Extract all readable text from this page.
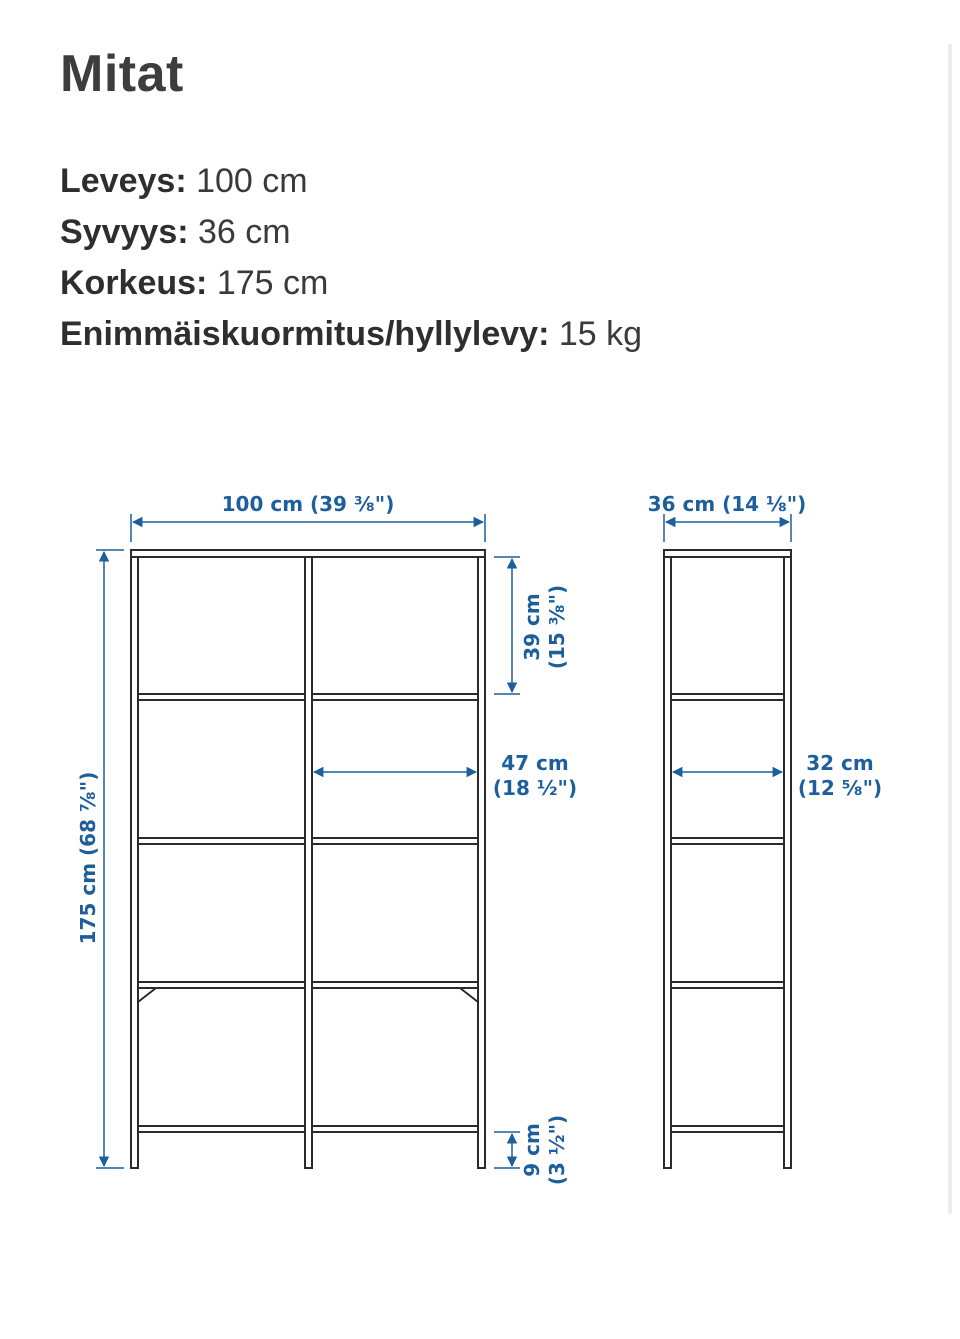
Mitat
Leveys: 100 cm
Syvyys: 36 cm
Korkeus: 175 cm
Enimmäiskuormitus/hyllylevy: 15 kg
100 cm (39 ³⁄₈")
175 cm (68 ⁷⁄₈")
39 cm (15 ³⁄₈")
47 cm
(18 ½")
9 cm (3 ½")
36 cm (14 ⅛")
32 cm
(12 ⁵⁄₈")
